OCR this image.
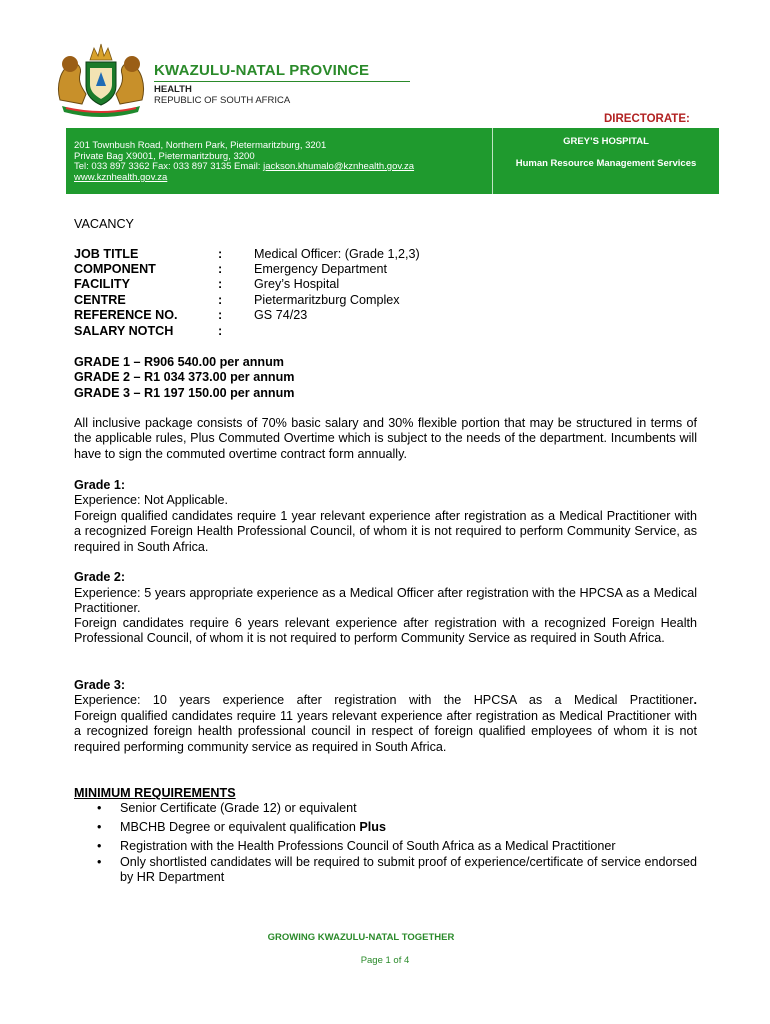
KWAZULU-NATAL PROVINCE
HEALTH
REPUBLIC OF SOUTH AFRICA
DIRECTORATE:
201 Townbush Road, Northern Park, Pietermaritzburg, 3201
Private Bag X9001, Pietermaritzburg, 3200
Tel: 033 897 3362 Fax: 033 897 3135 Email: jackson.khumalo@kznhealth.gov.za
www.kznhealth.gov.za
GREY’S HOSPITAL
Human Resource Management Services
VACANCY
JOB TITLE
COMPONENT
FACILITY
CENTRE
REFERENCE NO.
SALARY NOTCH
:
:
:
:
:
:
Medical Officer: (Grade 1,2,3)
Emergency Department
Grey’s Hospital
Pietermaritzburg Complex
GS 74/23
GRADE 1 – R906 540.00 per annum
GRADE 2 – R1 034 373.00 per annum
GRADE 3 – R1 197 150.00 per annum
All inclusive package consists of 70% basic salary and 30% flexible portion that may be structured in terms of the applicable rules, Plus Commuted Overtime which is subject to the needs of the department. Incumbents will have to sign the commuted overtime contract form annually.
Grade 1:
Experience: Not Applicable.
Foreign qualified candidates require 1 year relevant experience after registration as a Medical Practitioner with a recognized Foreign Health Professional Council, of whom it is not required to perform Community Service, as required in South Africa.
Grade 2:
Experience: 5 years appropriate experience as a Medical Officer after registration with the HPCSA as a Medical Practitioner.
Foreign candidates require 6 years relevant experience after registration with a recognized Foreign Health Professional Council, of whom it is not required to perform Community Service as required in South Africa.
Grade 3:
Experience: 10 years experience after registration with the HPCSA as a Medical Practitioner.
Foreign qualified candidates require 11 years relevant experience after registration as Medical Practitioner with a recognized foreign health professional council in respect of foreign qualified employees of whom it is not required performing community service as required in South Africa.
MINIMUM REQUIREMENTS
• Senior Certificate (Grade 12) or equivalent
• MBCHB Degree or equivalent qualification Plus
• Registration with the Health Professions Council of South Africa as a Medical Practitioner
• Only shortlisted candidates will be required to submit proof of experience/certificate of service endorsed by HR Department
GROWING KWAZULU-NATAL TOGETHER
Page 1 of 4
